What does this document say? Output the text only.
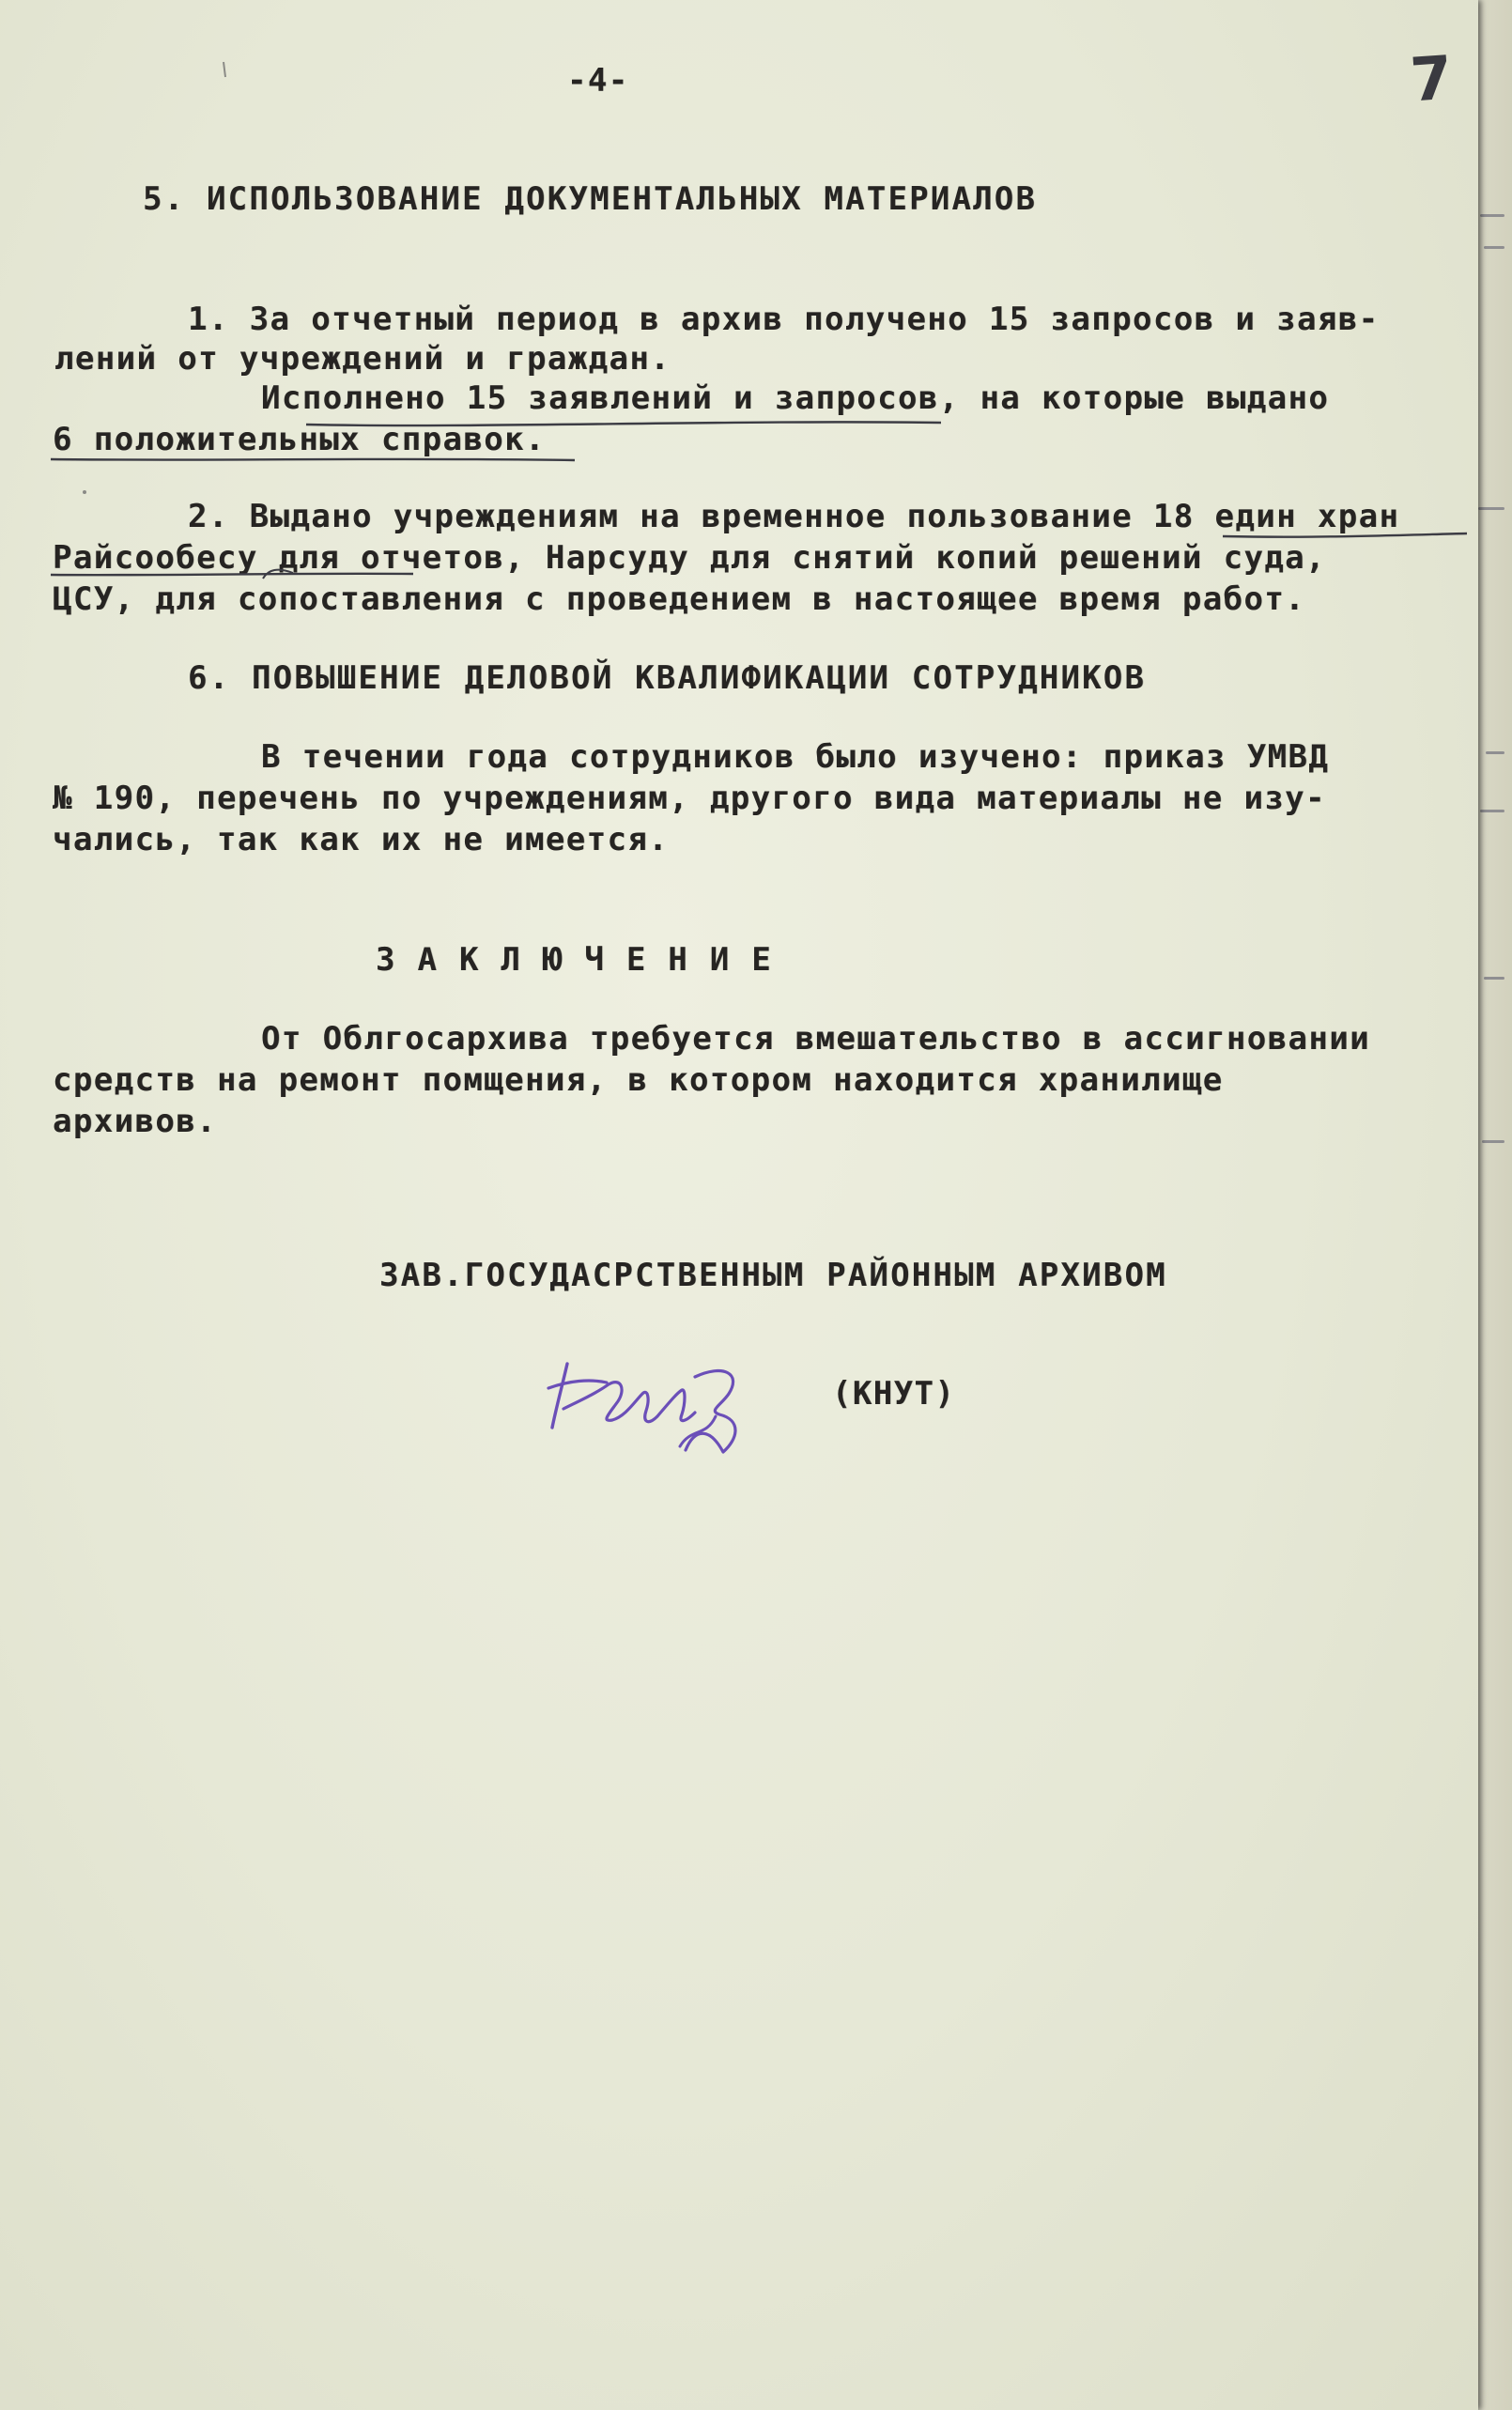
-4-	7

5. ИСПОЛЬЗОВАНИЕ ДОКУМЕНТАЛЬНЫХ МАТЕРИАЛОВ

1. За отчетный период в архив получено 15 запросов и заяв-

лений от учреждений и граждан.

Исполнено 15 заявлений и запросов, на которые выдано

6 положительных справок.

2. Выдано учреждениям на временное пользование 18 един хран

Райсообесу для отчетов, Нарсуду для снятий копий решений суда,

ЦСУ, для сопоставления с проведением в настоящее время работ.

6. ПОВЫШЕНИЕ ДЕЛОВОЙ КВАЛИФИКАЦИИ СОТРУДНИКОВ

В течении года сотрудников было изучено: приказ УМВД

№ 190, перечень по учреждениям, другого вида материалы не изу-

чались, так как их не имеется.

ЗАКЛЮЧЕНИЕ

От Облгосархива требуется вмешательство в ассигновании

средств на ремонт помщения, в котором находится хранилище

архивов.

ЗАВ.ГОСУДАСРСТВЕННЫМ РАЙОННЫМ АРХИВОМ

(КНУТ)
